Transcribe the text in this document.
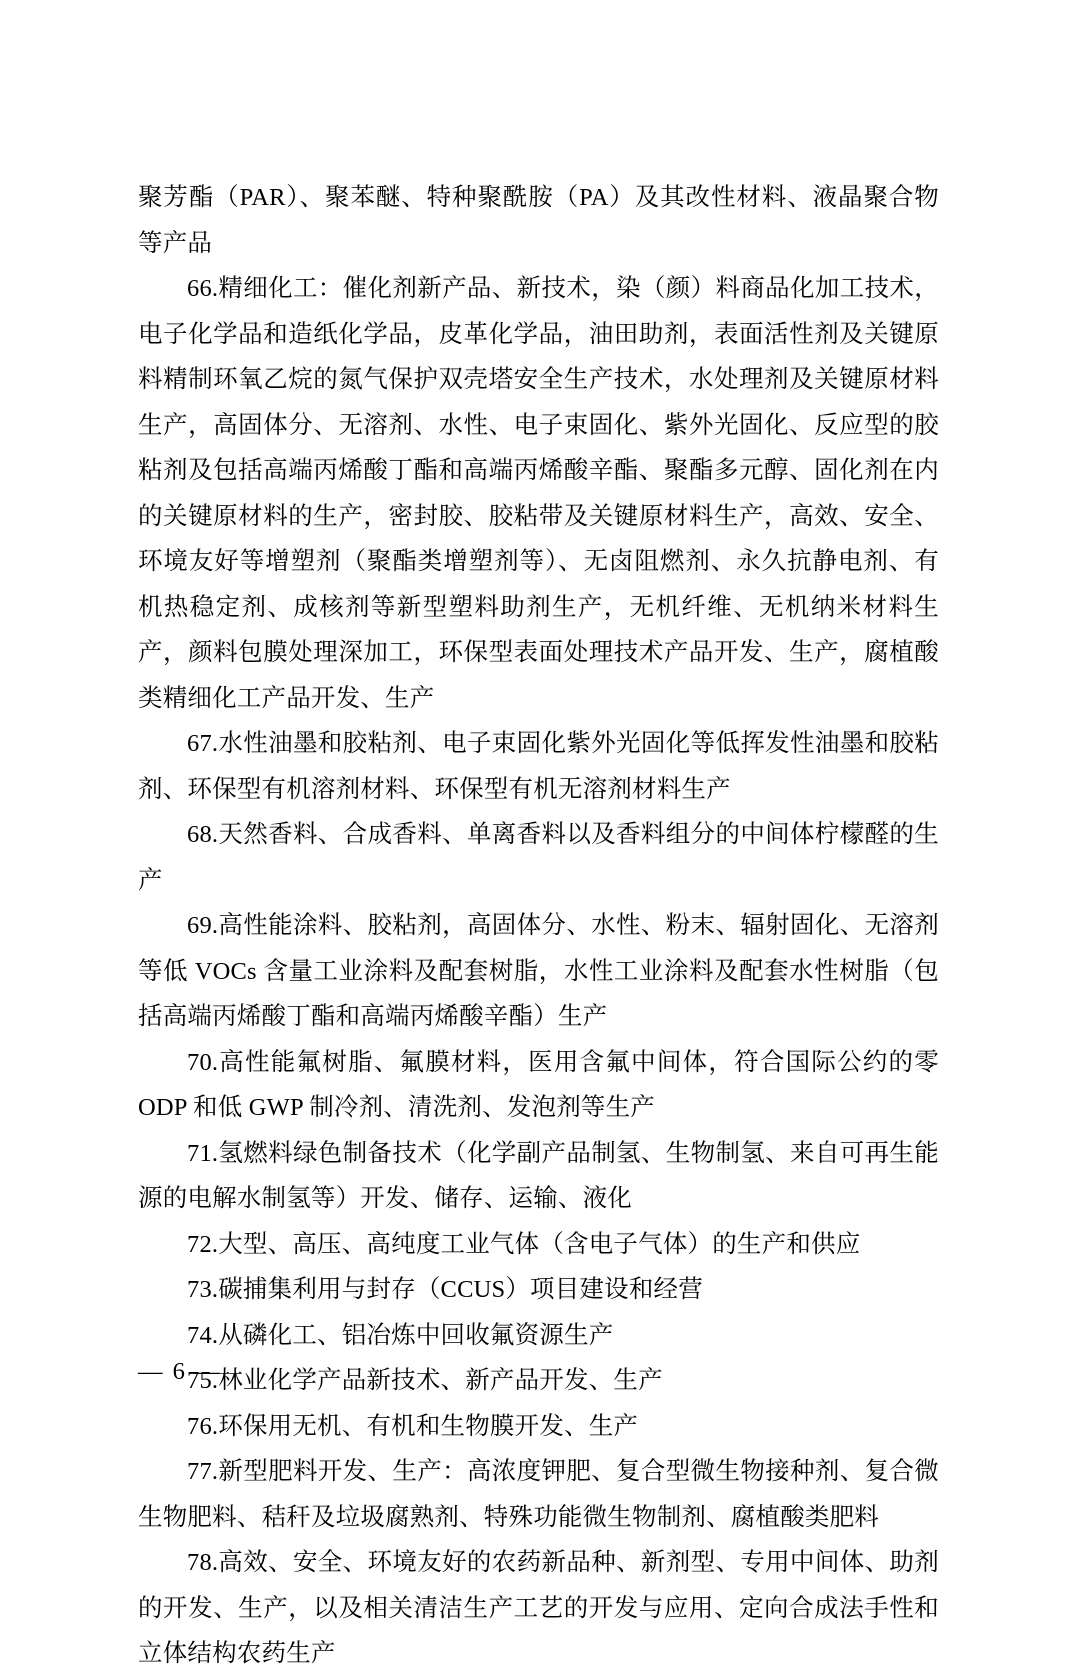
聚芳酯（PAR）、聚苯醚、特种聚酰胺（PA）及其改性材料、液晶聚合物等产品

66.精细化工：催化剂新产品、新技术，染（颜）料商品化加工技术，电子化学品和造纸化学品，皮革化学品，油田助剂，表面活性剂及关键原料精制环氧乙烷的氮气保护双壳塔安全生产技术，水处理剂及关键原材料生产，高固体分、无溶剂、水性、电子束固化、紫外光固化、反应型的胶粘剂及包括高端丙烯酸丁酯和高端丙烯酸辛酯、聚酯多元醇、固化剂在内的关键原材料的生产，密封胶、胶粘带及关键原材料生产，高效、安全、环境友好等增塑剂（聚酯类增塑剂等）、无卤阻燃剂、永久抗静电剂、有机热稳定剂、成核剂等新型塑料助剂生产，无机纤维、无机纳米材料生产，颜料包膜处理深加工，环保型表面处理技术产品开发、生产，腐植酸类精细化工产品开发、生产

67.水性油墨和胶粘剂、电子束固化紫外光固化等低挥发性油墨和胶粘剂、环保型有机溶剂材料、环保型有机无溶剂材料生产

68.天然香料、合成香料、单离香料以及香料组分的中间体柠檬醛的生产

69.高性能涂料、胶粘剂，高固体分、水性、粉末、辐射固化、无溶剂等低 VOCs 含量工业涂料及配套树脂，水性工业涂料及配套水性树脂（包括高端丙烯酸丁酯和高端丙烯酸辛酯）生产

70.高性能氟树脂、氟膜材料，医用含氟中间体，符合国际公约的零 ODP 和低 GWP 制冷剂、清洗剂、发泡剂等生产

71.氢燃料绿色制备技术（化学副产品制氢、生物制氢、来自可再生能源的电解水制氢等）开发、储存、运输、液化

72.大型、高压、高纯度工业气体（含电子气体）的生产和供应

73.碳捕集利用与封存（CCUS）项目建设和经营

74.从磷化工、铝冶炼中回收氟资源生产

75.林业化学产品新技术、新产品开发、生产

76.环保用无机、有机和生物膜开发、生产

77.新型肥料开发、生产：高浓度钾肥、复合型微生物接种剂、复合微生物肥料、秸秆及垃圾腐熟剂、特殊功能微生物制剂、腐植酸类肥料

78.高效、安全、环境友好的农药新品种、新剂型、专用中间体、助剂的开发、生产，以及相关清洁生产工艺的开发与应用、定向合成法手性和立体结构农药生产

— 6 —
